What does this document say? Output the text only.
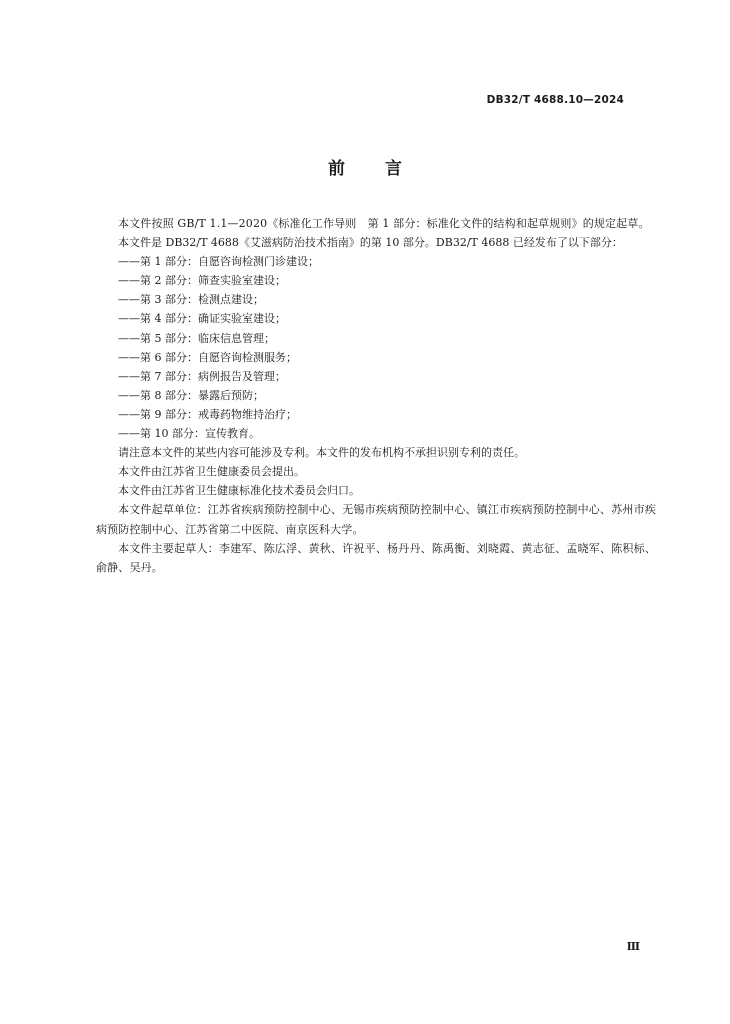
DB32/T 4688.10—2024
前言

本文件按照 GB/T 1.1—2020《标准化工作导则　第 1 部分：标准化文件的结构和起草规则》的规定起草。

本文件是 DB32/T 4688《艾滋病防治技术指南》的第 10 部分。DB32/T 4688 已经发布了以下部分：

——第 1 部分：自愿咨询检测门诊建设；

——第 2 部分：筛查实验室建设；

——第 3 部分：检测点建设；

——第 4 部分：确证实验室建设；

——第 5 部分：临床信息管理；

——第 6 部分：自愿咨询检测服务；

——第 7 部分：病例报告及管理；

——第 8 部分：暴露后预防；

——第 9 部分：戒毒药物维持治疗；

——第 10 部分：宣传教育。

请注意本文件的某些内容可能涉及专利。本文件的发布机构不承担识别专利的责任。

本文件由江苏省卫生健康委员会提出。

本文件由江苏省卫生健康标准化技术委员会归口。

本文件起草单位：江苏省疾病预防控制中心、无锡市疾病预防控制中心、镇江市疾病预防控制中心、苏州市疾病预防控制中心、江苏省第二中医院、南京医科大学。

本文件主要起草人：李建军、陈広浮、黄秋、许祝平、杨丹丹、陈禹衡、刘晓霞、黄志征、孟晓军、陈积标、俞静、吴丹。

Ⅲ
